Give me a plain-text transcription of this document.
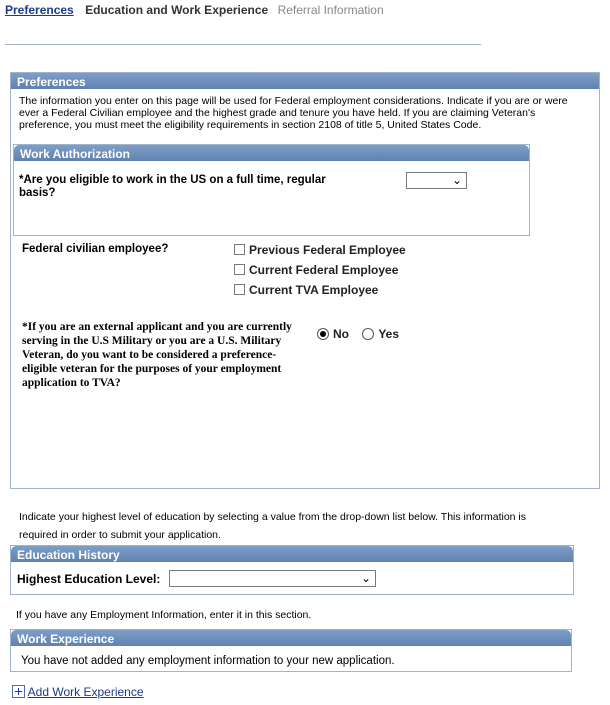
Preferences Education and Work Experience Referral Information
Preferences

The information you enter on this page will be used for Federal employment considerations. Indicate if you are or were ever a Federal Civilian employee and the highest grade and tenure you have held. If you are claiming Veteran's preference, you must meet the eligibility requirements in section 2108 of title 5, United States Code.

Work Authorization

*Are you eligible to work in the US on a full time, regular basis?

⌄

Federal civilian employee?	Previous Federal Employee
Current Federal Employee
Current TVA Employee

*If you are an external applicant and you are currently serving in the U.S Military or you are a U.S. Military Veteran, do you want to be considered a preference-eligible veteran for the purposes of your employment application to TVA?

No Yes

Indicate your highest level of education by selecting a value from the drop-down list below. This information is required in order to submit your application.

Education History
Highest Education Level:	⌄

If you have any Employment Information, enter it in this section.

Work Experience
You have not added any employment information to your new application.
Add Work Experience
